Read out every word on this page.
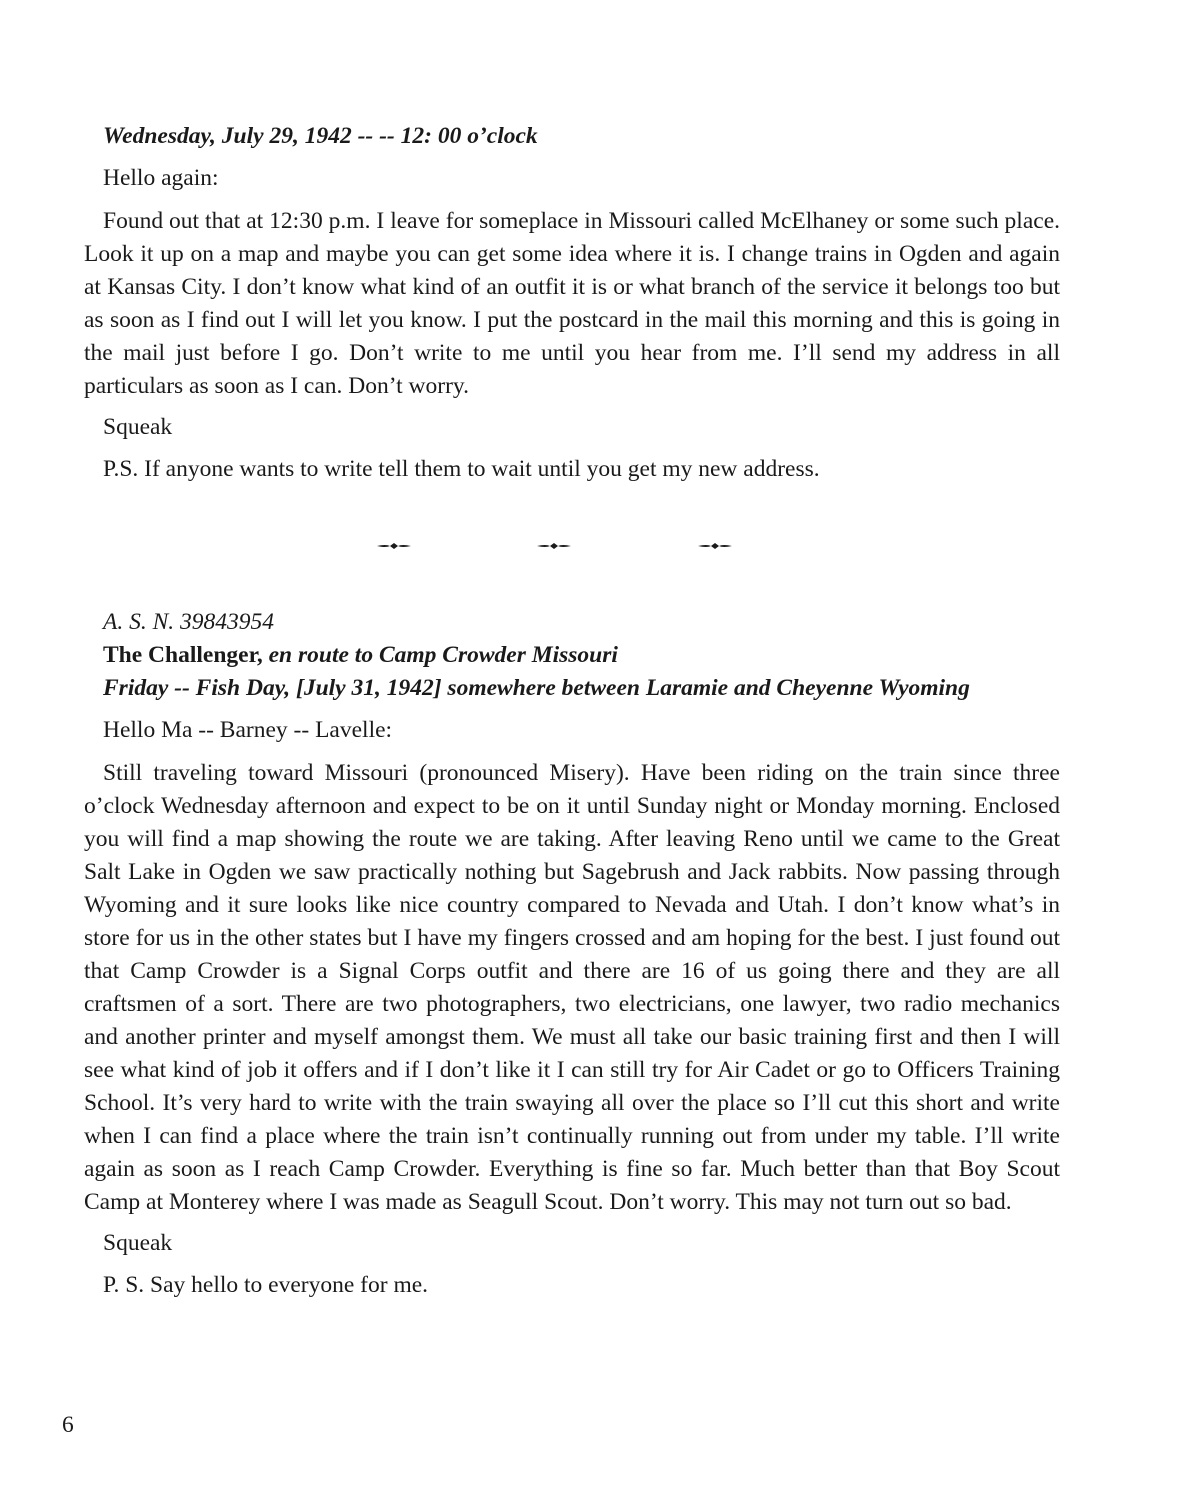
Wednesday, July 29, 1942 -- -- 12: 00 o’clock

Hello again:

Found out that at 12:30 p.m. I leave for someplace in Missouri called McElhaney or some such place. Look it up on a map and maybe you can get some idea where it is. I change trains in Ogden and again at Kansas City. I don’t know what kind of an outfit it is or what branch of the service it belongs too but as soon as I find out I will let you know. I put the postcard in the mail this morning and this is going in the mail just before I go. Don’t write to me until you hear from me. I’ll send my address in all particulars as soon as I can. Don’t worry.

Squeak

P.S. If anyone wants to write tell them to wait until you get my new address.

A. S. N. 39843954

The Challenger, en route to Camp Crowder Missouri

Friday -- Fish Day, [July 31, 1942] somewhere between Laramie and Cheyenne Wyoming

Hello Ma -- Barney -- Lavelle:

Still traveling toward Missouri (pronounced Misery). Have been riding on the train since three o’clock Wednesday afternoon and expect to be on it until Sunday night or Monday morning. Enclosed you will find a map showing the route we are taking. After leaving Reno until we came to the Great Salt Lake in Ogden we saw practically nothing but Sagebrush and Jack rabbits. Now passing through Wyoming and it sure looks like nice country compared to Nevada and Utah. I don’t know what’s in store for us in the other states but I have my fingers crossed and am hoping for the best. I just found out that Camp Crowder is a Signal Corps outfit and there are 16 of us going there and they are all craftsmen of a sort. There are two photographers, two electricians, one lawyer, two radio mechanics and another printer and myself amongst them. We must all take our basic training first and then I will see what kind of job it offers and if I don’t like it I can still try for Air Cadet or go to Officers Training School. It’s very hard to write with the train swaying all over the place so I’ll cut this short and write when I can find a place where the train isn’t continually running out from under my table. I’ll write again as soon as I reach Camp Crowder. Everything is fine so far. Much better than that Boy Scout Camp at Monterey where I was made as Seagull Scout. Don’t worry. This may not turn out so bad.

Squeak

P. S. Say hello to everyone for me.

6
